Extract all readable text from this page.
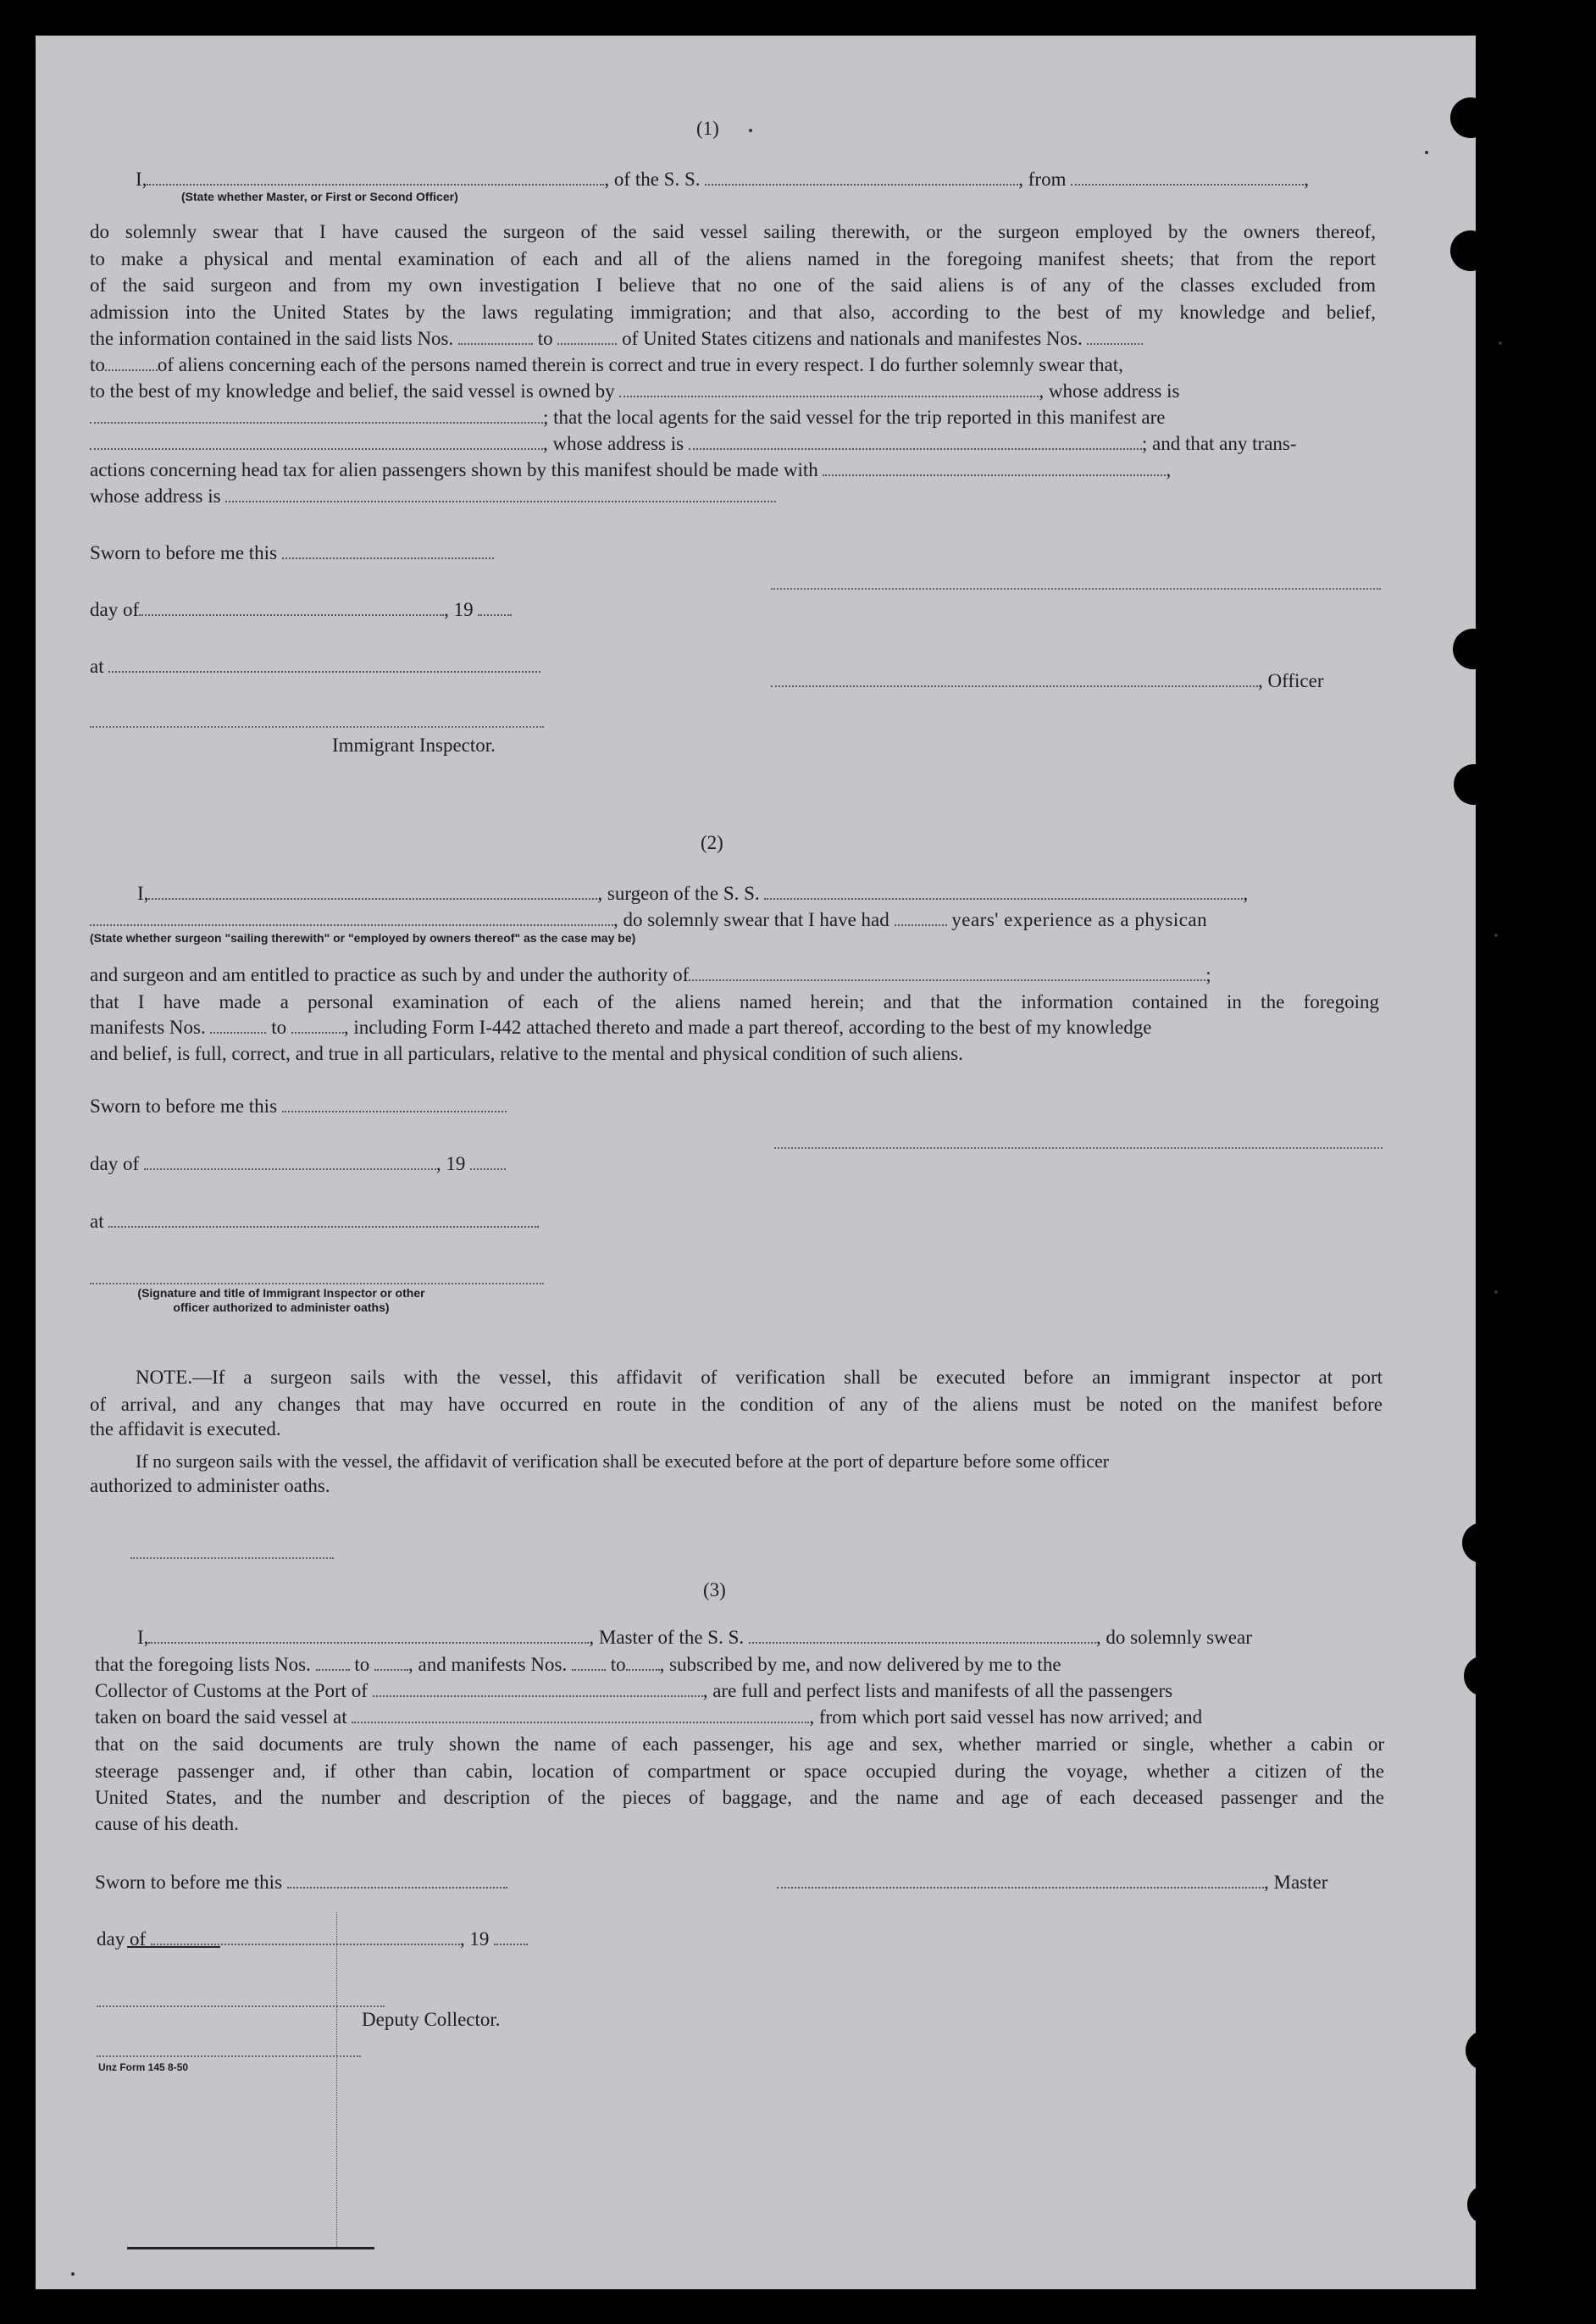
(1)
I,	, of the S. S.	, from	,
(State whether Master, or First or Second Officer)

do solemnly swear that I have caused the surgeon of the said vessel sailing therewith, or the surgeon employed by the owners thereof,

to make a physical and mental examination of each and all of the aliens named in the foregoing manifest sheets; that from the report

of the said surgeon and from my own investigation I believe that no one of the said aliens is of any of the classes excluded from

admission into the United States by the laws regulating immigration; and that also, according to the best of my knowledge and belief,

the information contained in the said lists Nos.	to	of United States citizens and nationals and manifestes Nos.
to	of aliens concerning each of the persons named therein is correct and true in every respect. I do further solemnly swear that,
to the best of my knowledge and belief, the said vessel is owned by	, whose address is
; that the local agents for the said vessel for the trip reported in this manifest are
, whose address is	; and that any trans-
actions concerning head tax for alien passengers shown by this manifest should be made with	,
whose address is
Sworn to before me this
day of	, 19
at
, Officer
Immigrant Inspector.
(2)
I,	, surgeon of the S. S.	,
, do solemnly swear that I have had	years' experience as a physican
(State whether surgeon "sailing therewith" or "employed by owners thereof" as the case may be)
and surgeon and am entitled to practice as such by and under the authority of	;
that I have made a personal examination of each of the aliens named herein; and that the information contained in the foregoing
manifests Nos.	to	, including Form I-442 attached thereto and made a part thereof, according to the best of my knowledge
and belief, is full, correct, and true in all particulars, relative to the mental and physical condition of such aliens.
Sworn to before me this
day of	, 19
at
(Signature and title of Immigrant Inspector or other
officer authorized to administer oaths)

NOTE.—If a surgeon sails with the vessel, this affidavit of verification shall be executed before an immigrant inspector at port

of arrival, and any changes that may have occurred en route in the condition of any of the aliens must be noted on the manifest before

the affidavit is executed.
If no surgeon sails with the vessel, the affidavit of verification shall be executed before at the port of departure before some officer
authorized to administer oaths.
(3)
I,	, Master of the S. S.	, do solemnly swear
that the foregoing lists Nos. to , and manifests Nos. to , subscribed by me, and now delivered by me to the
Collector of Customs at the Port of	, are full and perfect lists and manifests of all the passengers
taken on board the said vessel at	, from which port said vessel has now arrived; and

that on the said documents are truly shown the name of each passenger, his age and sex, whether married or single, whether a cabin or

steerage passenger and, if other than cabin, location of compartment or space occupied during the voyage, whether a citizen of the

United States, and the number and description of the pieces of baggage, and the name and age of each deceased passenger and the

cause of his death.
Sworn to before me this	, Master
day of	, 19
Deputy Collector.
Unz Form 145 8-50
